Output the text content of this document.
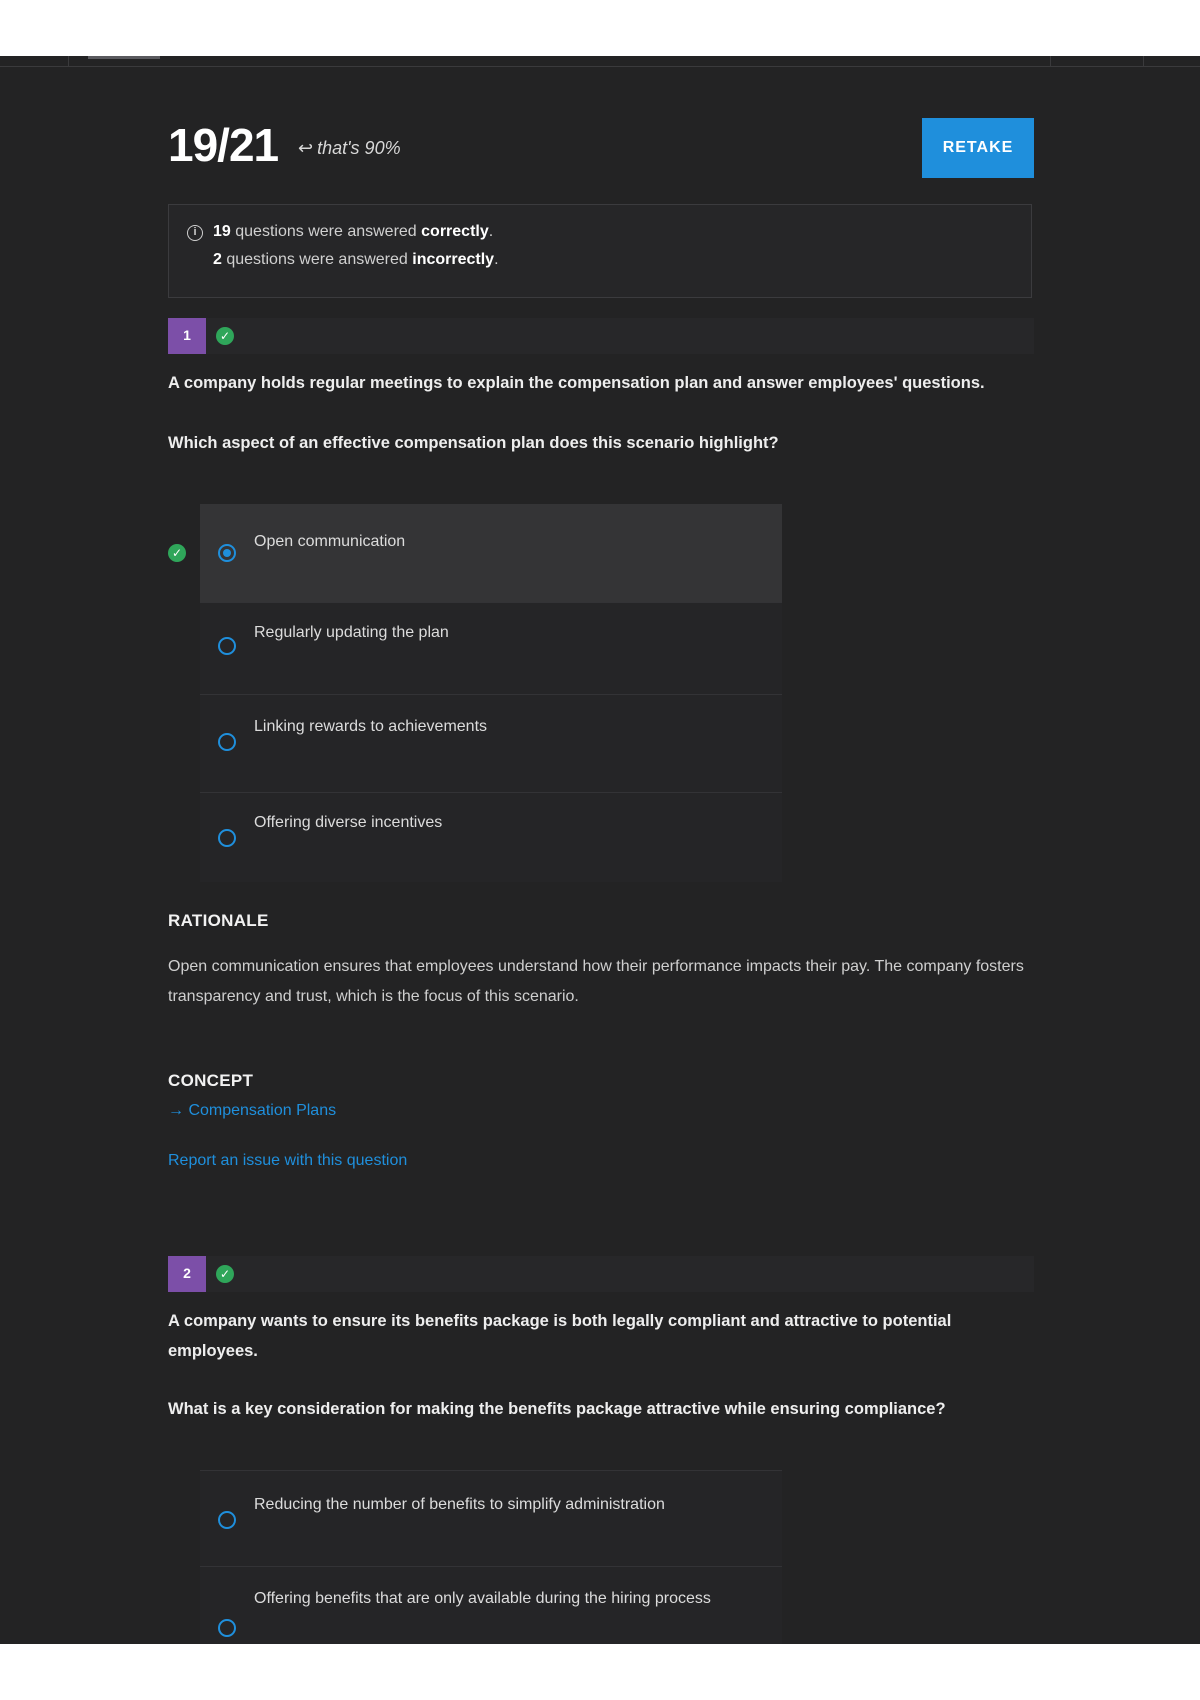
19/21 ↩ that's 90%	RETAKE
i	19 questions were answered correctly.
2 questions were answered incorrectly.
1	✓
A company holds regular meetings to explain the compensation plan and answer employees' questions.
Which aspect of an effective compensation plan does this scenario highlight?
✓
Open communication
Regularly updating the plan
Linking rewards to achievements
Offering diverse incentives
RATIONALE
Open communication ensures that employees understand how their performance impacts their pay. The company fosters transparency and trust, which is the focus of this scenario.
CONCEPT
→ Compensation Plans
Report an issue with this question
2	✓
A company wants to ensure its benefits package is both legally compliant and attractive to potential employees.
What is a key consideration for making the benefits package attractive while ensuring compliance?
Reducing the number of benefits to simplify administration
Offering benefits that are only available during the hiring process
